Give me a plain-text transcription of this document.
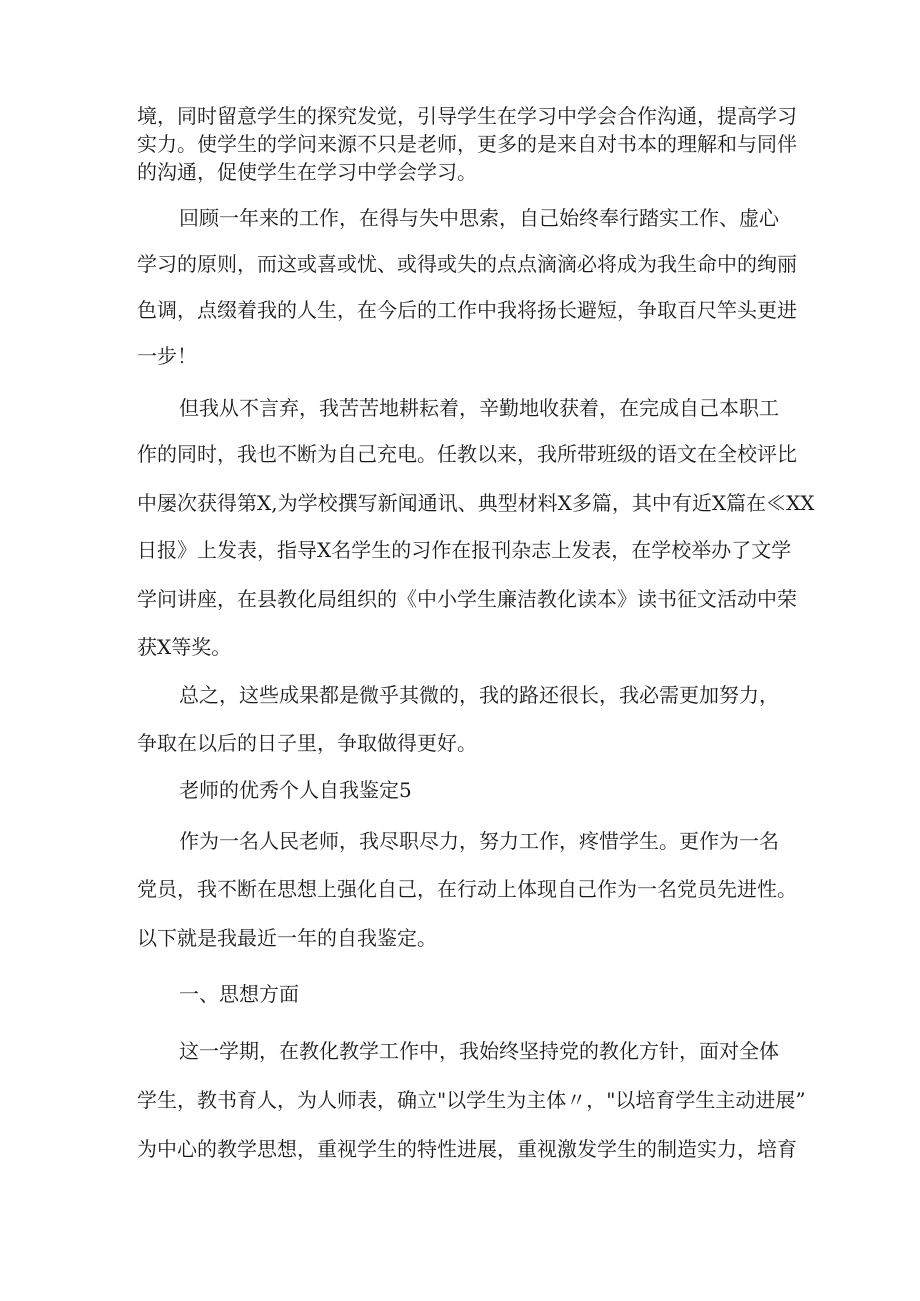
境，同时留意学生的探究发觉，引导学生在学习中学会合作沟通，提高学习
实力。使学生的学问来源不只是老师，更多的是来自对书本的理解和与同伴
的沟通，促使学生在学习中学会学习。
回顾一年来的工作，在得与失中思索，自己始终奉行踏实工作、虚心
学习的原则，而这或喜或忧、或得或失的点点滴滴必将成为我生命中的绚丽
色调，点缀着我的人生，在今后的工作中我将扬长避短，争取百尺竿头更进
一步！
但我从不言弃，我苦苦地耕耘着，辛勤地收获着，在完成自己本职工
作的同时，我也不断为自己充电。任教以来，我所带班级的语文在全校评比
中屡次获得第X,为学校撰写新闻通讯、典型材料X多篇，其中有近X篇在≪XX
日报》上发表，指导X名学生的习作在报刊杂志上发表，在学校举办了文学
学问讲座，在县教化局组织的《中小学生廉洁教化读本》读书征文活动中荣
获X等奖。
总之，这些成果都是微乎其微的，我的路还很长，我必需更加努力，
争取在以后的日子里，争取做得更好。
老师的优秀个人自我鉴定5
作为一名人民老师，我尽职尽力，努力工作，疼惜学生。更作为一名
党员，我不断在思想上强化自己，在行动上体现自己作为一名党员先进性。
以下就是我最近一年的自我鉴定。
一、思想方面
这一学期，在教化教学工作中，我始终坚持党的教化方针，面对全体
学生，教书育人，为人师表，确立"以学生为主体〃，"以培育学生主动进展”
为中心的教学思想，重视学生的特性进展，重视激发学生的制造实力，培育
